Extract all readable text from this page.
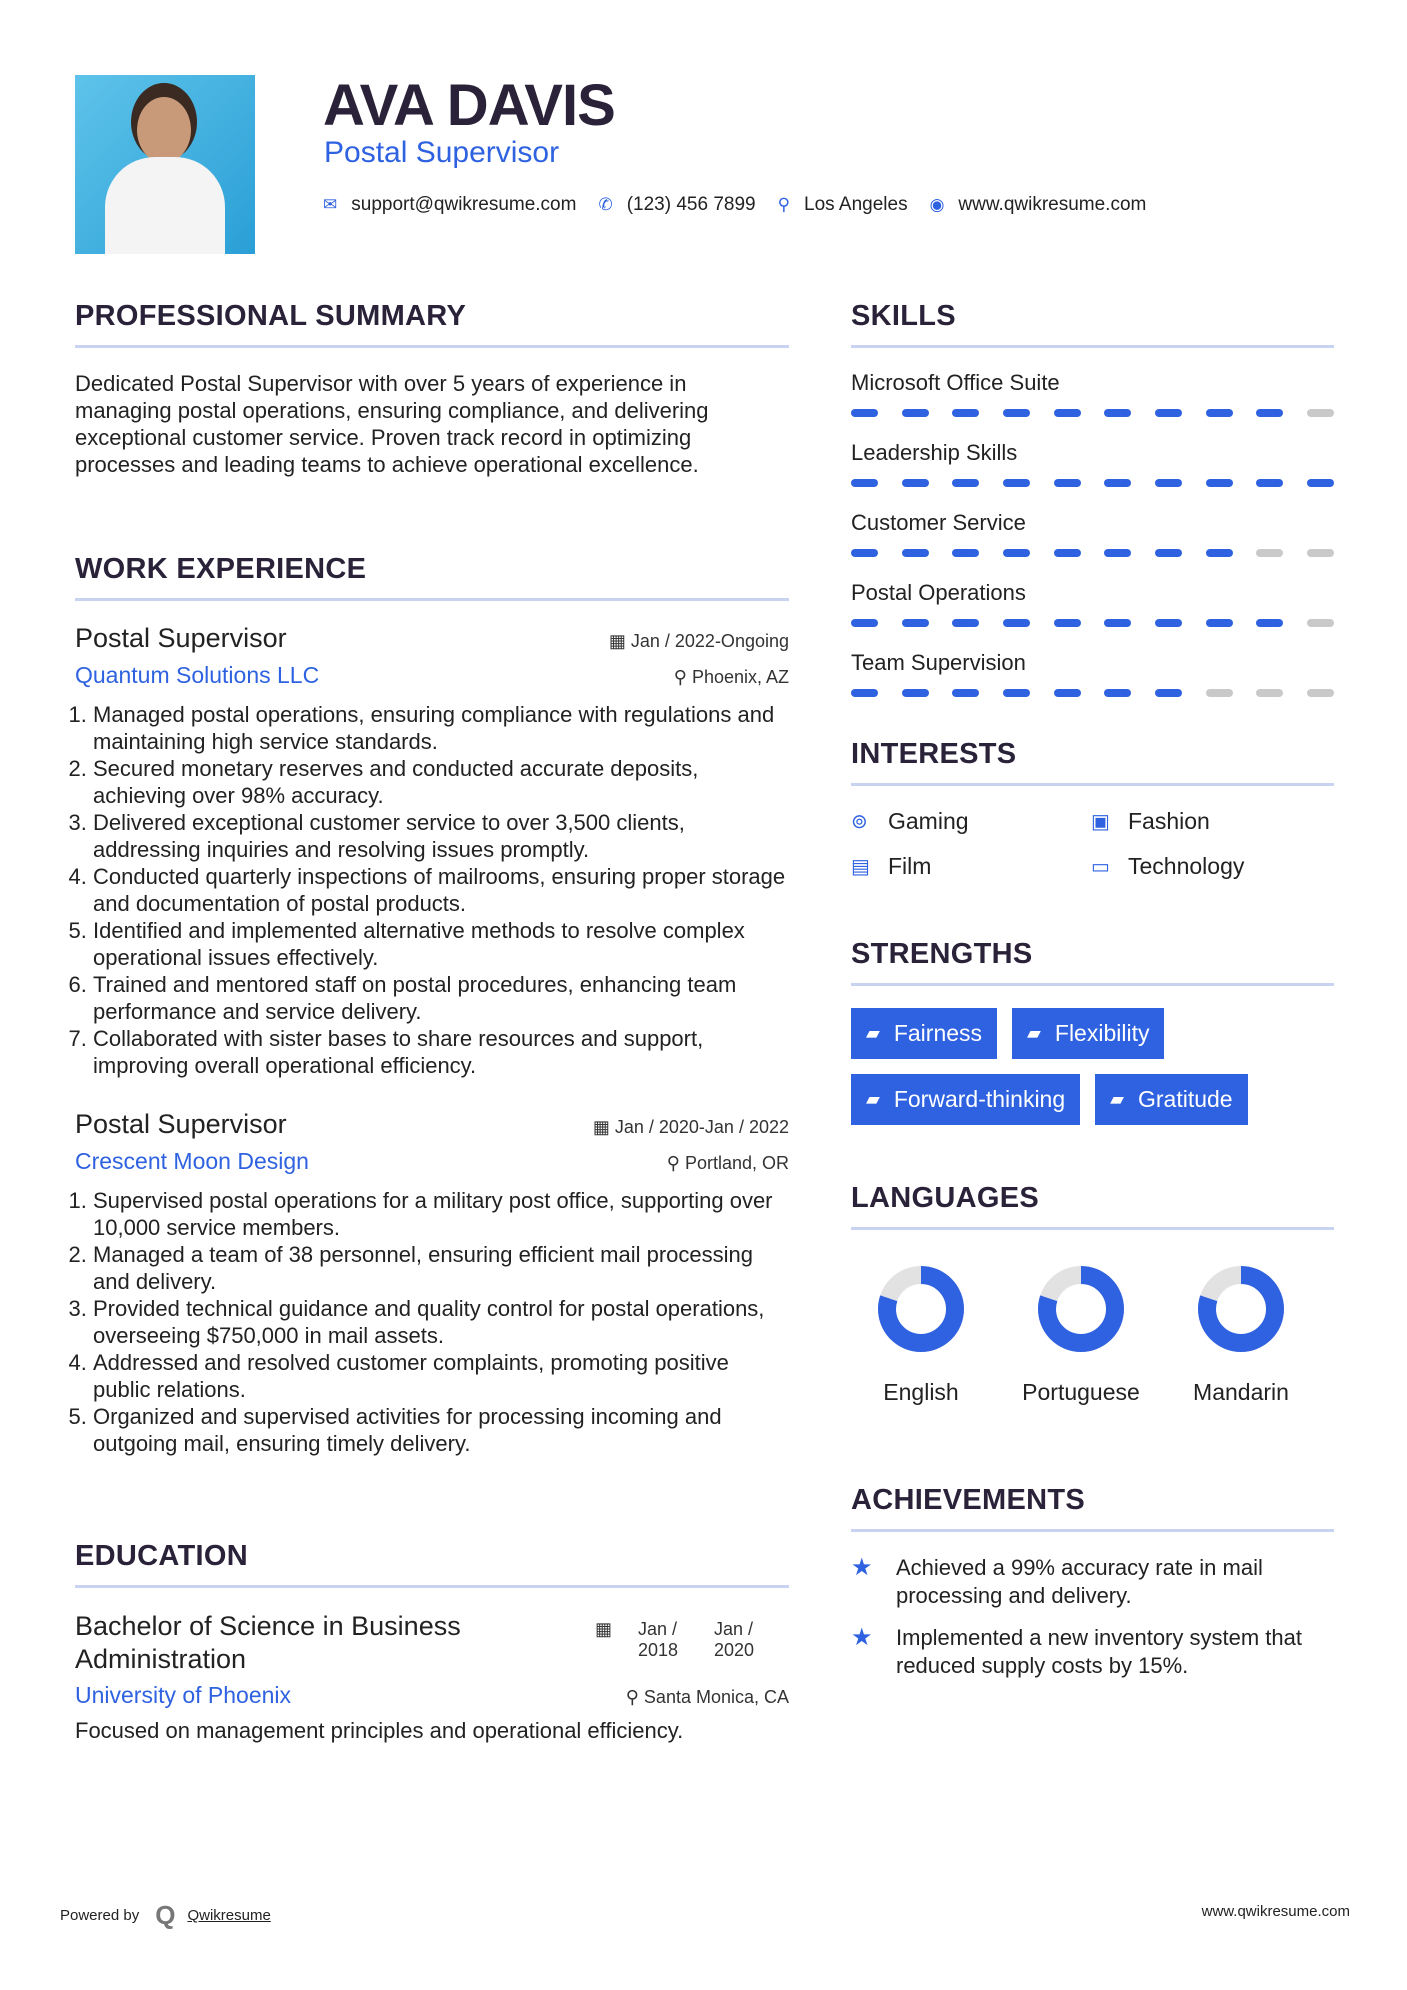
AVA DAVIS
Postal Supervisor
✉ support@qwikresume.com ✆ (123) 456 7899 ⚲ Los Angeles ◉ www.qwikresume.com
PROFESSIONAL SUMMARY

Dedicated Postal Supervisor with over 5 years of experience in managing postal operations, ensuring compliance, and delivering exceptional customer service. Proven track record in optimizing processes and leading teams to achieve operational excellence.

WORK EXPERIENCE
Postal Supervisor	▦ Jan / 2022-Ongoing
Quantum Solutions LLC	⚲ Phoenix, AZ
1. Managed postal operations, ensuring compliance with regulations and maintaining high service standards.
2. Secured monetary reserves and conducted accurate deposits, achieving over 98% accuracy.
3. Delivered exceptional customer service to over 3,500 clients, addressing inquiries and resolving issues promptly.
4. Conducted quarterly inspections of mailrooms, ensuring proper storage and documentation of postal products.
5. Identified and implemented alternative methods to resolve complex operational issues effectively.
6. Trained and mentored staff on postal procedures, enhancing team performance and service delivery.
7. Collaborated with sister bases to share resources and support, improving overall operational efficiency.
Postal Supervisor	▦ Jan / 2020-Jan / 2022
Crescent Moon Design	⚲ Portland, OR
1. Supervised postal operations for a military post office, supporting over 10,000 service members.
2. Managed a team of 38 personnel, ensuring efficient mail processing and delivery.
3. Provided technical guidance and quality control for postal operations, overseeing $750,000 in mail assets.
4. Addressed and resolved customer complaints, promoting positive public relations.
5. Organized and supervised activities for processing incoming and outgoing mail, ensuring timely delivery.
EDUCATION
Bachelor of Science in Business Administration
▦ Jan / 2018
Jan / 2020
University of Phoenix	⚲ Santa Monica, CA

Focused on management principles and operational efficiency.

SKILLS
Microsoft Office Suite
Leadership Skills
Customer Service
Postal Operations
Team Supervision
INTERESTS
⊚ Gaming	▣ Fashion
▤ Film	▭ Technology
STRENGTHS
▰ Fairness	▰ Flexibility
▰ Forward-thinking	▰ Gratitude
LANGUAGES
English	Portuguese	Mandarin
ACHIEVEMENTS
★	Achieved a 99% accuracy rate in mail processing and delivery.
★	Implemented a new inventory system that reduced supply costs by 15%.
Powered by Q Qwikresume	www.qwikresume.com
